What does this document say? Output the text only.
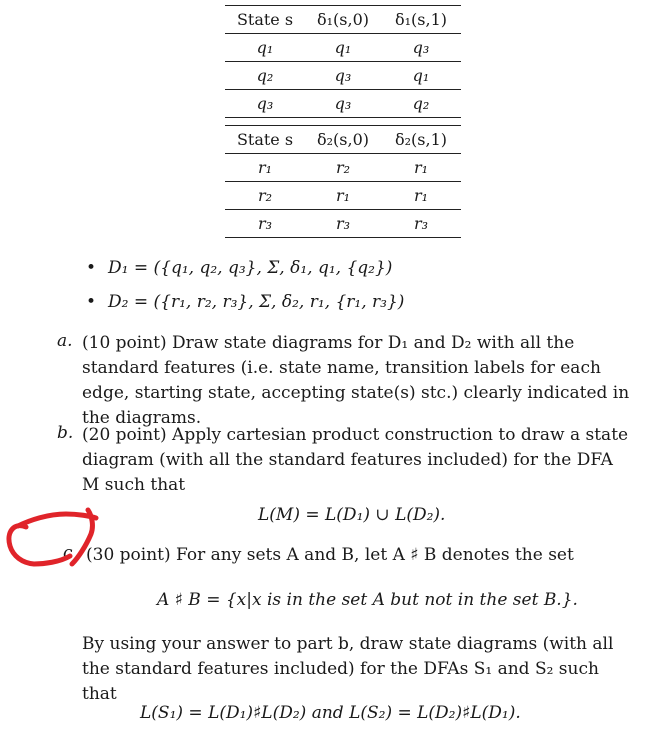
State s	δ₁(s,0)	δ₁(s,1)
q₁	q₁	q₃
q₂	q₃	q₁
q₃	q₃	q₂
State s	δ₂(s,0)	δ₂(s,1)
r₁	r₂	r₁
r₂	r₁	r₁
r₃	r₃	r₃
• D₁ = ({q₁, q₂, q₃}, Σ, δ₁, q₁, {q₂})
• D₂ = ({r₁, r₂, r₃}, Σ, δ₂, r₁, {r₁, r₃})
a. (10 point) Draw state diagrams for D₁ and D₂ with all the standard features (i.e. state name, transition labels for each edge, starting state, accepting state(s) stc.) clearly indicated in the diagrams.
b. (20 point) Apply cartesian product construction to draw a state diagram (with all the standard features included) for the DFA M such that
L(M) = L(D₁) ∪ L(D₂).
c (30 point) For any sets A and B, let A ♯ B denotes the set
A ♯ B = {x|x is in the set A but not in the set B.}.
By using your answer to part b, draw state diagrams (with all the standard features included) for the DFAs S₁ and S₂ such that
L(S₁) = L(D₁)♯L(D₂) and L(S₂) = L(D₂)♯L(D₁).
